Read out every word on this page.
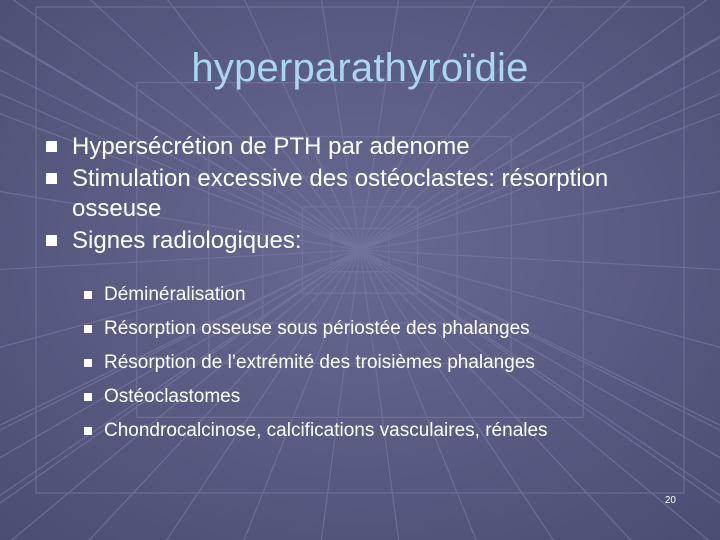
hyperparathyroïdie
Hypersécrétion de PTH par adenome
Stimulation excessive des ostéoclastes: résorption osseuse
Signes radiologiques:
Déminéralisation
Résorption osseuse sous périostée des phalanges
Résorption de l’extrémité des troisièmes phalanges
Ostéoclastomes
Chondrocalcinose, calcifications vasculaires, rénales
20
